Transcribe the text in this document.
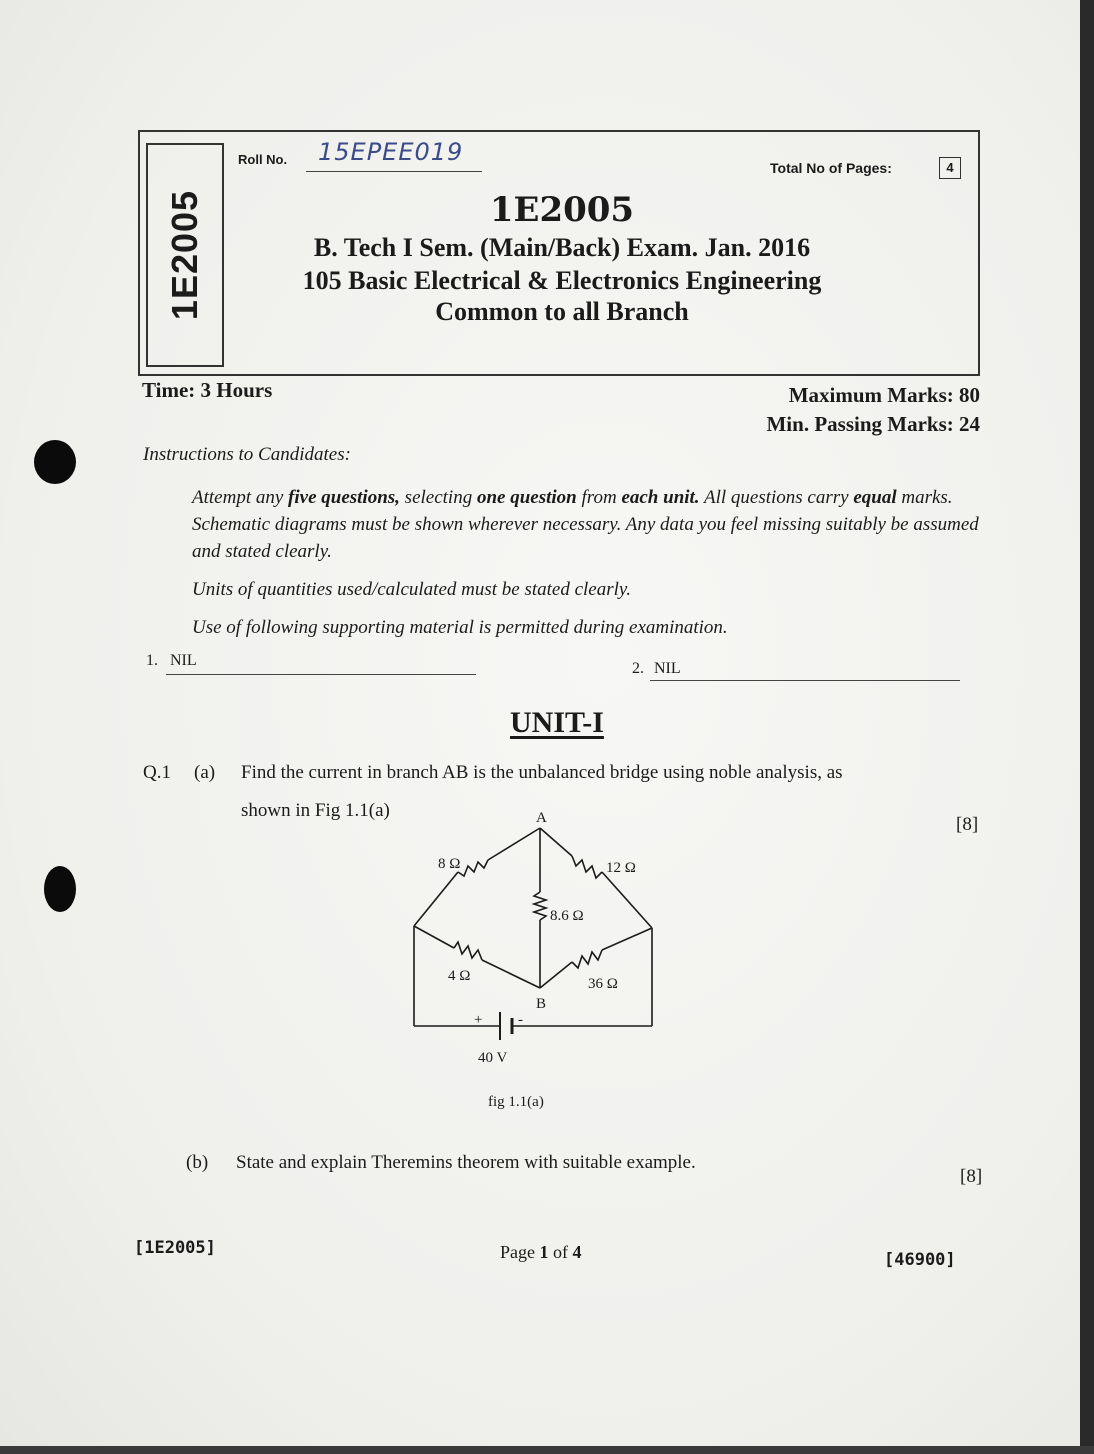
1E2005
Roll No. 15EPEE019
Total No of Pages:	4
1E2005
B. Tech I Sem. (Main/Back) Exam. Jan. 2016
105 Basic Electrical & Electronics Engineering
Common to all Branch
Time: 3 Hours	Maximum Marks: 80
Min. Passing Marks: 24
Instructions to Candidates:
Attempt any five questions, selecting one question from each unit. All questions carry equal marks. Schematic diagrams must be shown wherever necessary. Any data you feel missing suitably be assumed and stated clearly.
Units of quantities used/calculated must be stated clearly.
Use of following supporting material is permitted during examination.
1. NIL	2. NIL
UNIT-I
Q.1 (a) Find the current in branch AB is the unbalanced bridge using noble analysis, as
shown in Fig 1.1(a)
[8]
A
B
8 Ω	12 Ω
8.6 Ω
4 Ω	36 Ω
+ -
40 V
fig 1.1(a)
(b) State and explain Theremins theorem with suitable example.
[8]
[1E2005]	Page 1 of 4	[46900]
